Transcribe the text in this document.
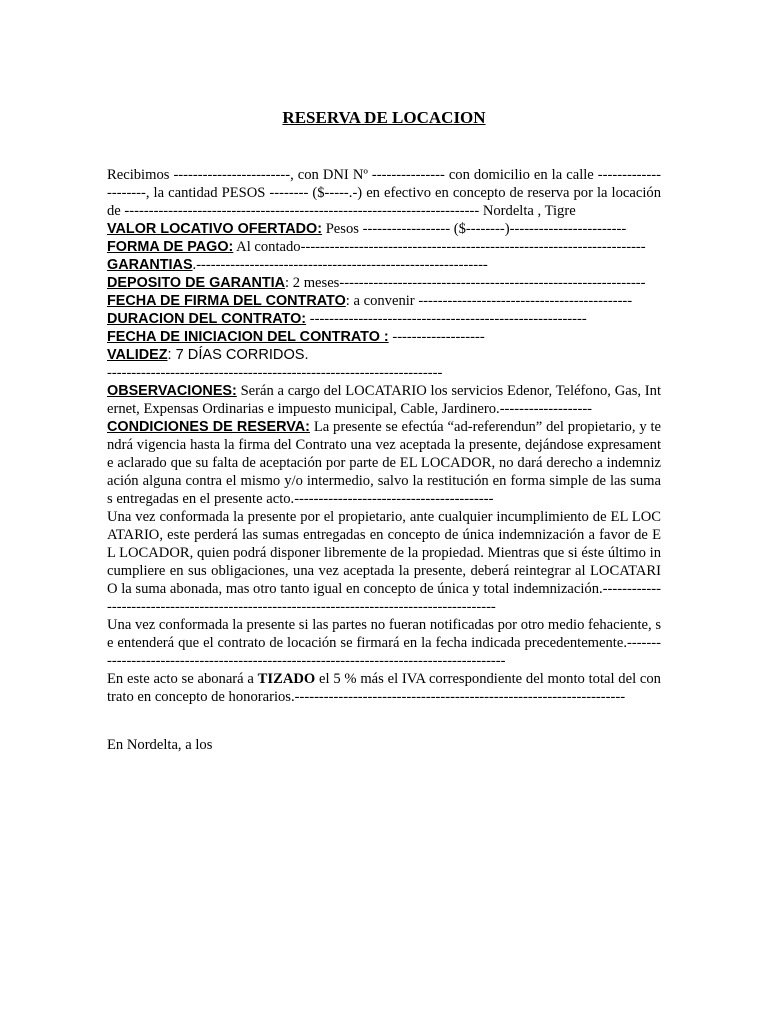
RESERVA DE LOCACION

Recibimos ------------------------, con DNI Nº --------------- con domicilio en la calle ---------------------, la cantidad PESOS -------- ($-----.-) en efectivo en concepto de reserva por la locación de ------------------------------------------------------------------------- Nordelta , Tigre

VALOR LOCATIVO OFERTADO: Pesos ------------------ ($--------)------------------------

FORMA DE PAGO: Al contado-----------------------------------------------------------------------

GARANTIAS.------------------------------------------------------------

DEPOSITO DE GARANTIA: 2 meses---------------------------------------------------------------

FECHA DE FIRMA DEL CONTRATO: a convenir --------------------------------------------

DURACION DEL CONTRATO: ---------------------------------------------------------

FECHA DE INICIACION DEL CONTRATO : -------------------

VALIDEZ: 7 DÍAS CORRIDOS.

---------------------------------------------------------------------

OBSERVACIONES: Serán a cargo del LOCATARIO los servicios Edenor, Teléfono, Gas, Internet, Expensas Ordinarias e impuesto municipal, Cable, Jardinero.-------------------

CONDICIONES DE RESERVA: La presente se efectúa “ad-referendun” del propietario, y tendrá vigencia hasta la firma del Contrato una vez aceptada la presente, dejándose expresamente aclarado que su falta de aceptación por parte de EL LOCADOR, no dará derecho a indemnización alguna contra el mismo y/o intermedio, salvo la restitución en forma simple de las sumas entregadas en el presente acto.-----------------------------------------

Una vez conformada la presente por el propietario, ante cualquier incumplimiento de EL LOCATARIO, este perderá las sumas entregadas en concepto de única indemnización a favor de EL LOCADOR, quien podrá disponer libremente de la propiedad. Mientras que si éste último incumpliere en sus obligaciones, una vez aceptada la presente, deberá reintegrar al LOCATARIO la suma abonada, mas otro tanto igual en concepto de única y total indemnización.--------------------------------------------------------------------------------------------

Una vez conformada la presente si las partes no fueran notificadas por otro medio fehaciente, se entenderá que el contrato de locación se firmará en la fecha indicada precedentemente.-----------------------------------------------------------------------------------------

En este acto se abonará a TIZADO el 5 % más el IVA correspondiente del monto total del contrato en concepto de honorarios.--------------------------------------------------------------------

En Nordelta, a los
